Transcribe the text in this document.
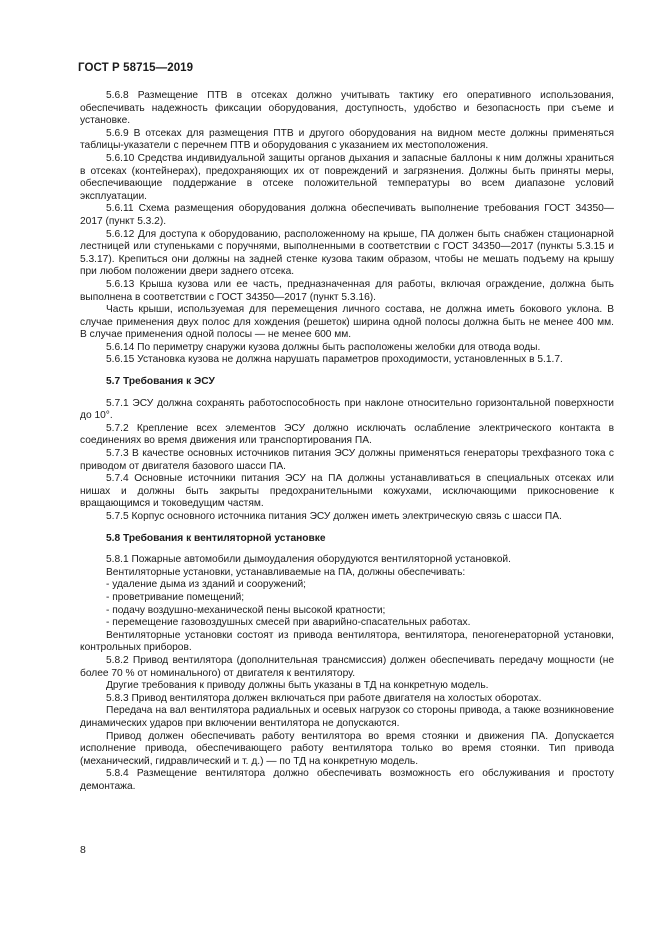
ГОСТ Р 58715—2019

5.6.8 Размещение ПТВ в отсеках должно учитывать тактику его оперативного использования, обеспечивать надежность фиксации оборудования, доступность, удобство и безопасность при съеме и установке.

5.6.9 В отсеках для размещения ПТВ и другого оборудования на видном месте должны применяться таблицы-указатели с перечнем ПТВ и оборудования с указанием их местоположения.

5.6.10 Средства индивидуальной защиты органов дыхания и запасные баллоны к ним должны храниться в отсеках (контейнерах), предохраняющих их от повреждений и загрязнения. Должны быть приняты меры, обеспечивающие поддержание в отсеке положительной температуры во всем диапазоне условий эксплуатации.

5.6.11 Схема размещения оборудования должна обеспечивать выполнение требования ГОСТ 34350—2017 (пункт 5.3.2).

5.6.12 Для доступа к оборудованию, расположенному на крыше, ПА должен быть снабжен стационарной лестницей или ступеньками с поручнями, выполненными в соответствии с ГОСТ 34350—2017 (пункты 5.3.15 и 5.3.17). Крепиться они должны на задней стенке кузова таким образом, чтобы не мешать подъему на крышу при любом положении двери заднего отсека.

5.6.13 Крыша кузова или ее часть, предназначенная для работы, включая ограждение, должна быть выполнена в соответствии с ГОСТ 34350—2017 (пункт 5.3.16).

Часть крыши, используемая для перемещения личного состава, не должна иметь бокового уклона. В случае применения двух полос для хождения (решеток) ширина одной полосы должна быть не менее 400 мм. В случае применения одной полосы — не менее 600 мм.

5.6.14 По периметру снаружи кузова должны быть расположены желобки для отвода воды.

5.6.15 Установка кузова не должна нарушать параметров проходимости, установленных в 5.1.7.

5.7 Требования к ЭСУ

5.7.1 ЭСУ должна сохранять работоспособность при наклоне относительно горизонтальной поверхности до 10°.

5.7.2 Крепление всех элементов ЭСУ должно исключать ослабление электрического контакта в соединениях во время движения или транспортирования ПА.

5.7.3 В качестве основных источников питания ЭСУ должны применяться генераторы трехфазного тока с приводом от двигателя базового шасси ПА.

5.7.4 Основные источники питания ЭСУ на ПА должны устанавливаться в специальных отсеках или нишах и должны быть закрыты предохранительными кожухами, исключающими прикосновение к вращающимся и токоведущим частям.

5.7.5 Корпус основного источника питания ЭСУ должен иметь электрическую связь с шасси ПА.

5.8 Требования к вентиляторной установке

5.8.1 Пожарные автомобили дымоудаления оборудуются вентиляторной установкой.

Вентиляторные установки, устанавливаемые на ПА, должны обеспечивать:

- удаление дыма из зданий и сооружений;

- проветривание помещений;

- подачу воздушно-механической пены высокой кратности;

- перемещение газовоздушных смесей при аварийно-спасательных работах.

Вентиляторные установки состоят из привода вентилятора, вентилятора, пеногенераторной установки, контрольных приборов.

5.8.2 Привод вентилятора (дополнительная трансмиссия) должен обеспечивать передачу мощности (не более 70 % от номинального) от двигателя к вентилятору.

Другие требования к приводу должны быть указаны в ТД на конкретную модель.

5.8.3 Привод вентилятора должен включаться при работе двигателя на холостых оборотах.

Передача на вал вентилятора радиальных и осевых нагрузок со стороны привода, а также возникновение динамических ударов при включении вентилятора не допускаются.

Привод должен обеспечивать работу вентилятора во время стоянки и движения ПА. Допускается исполнение привода, обеспечивающего работу вентилятора только во время стоянки. Тип привода (механический, гидравлический и т. д.) — по ТД на конкретную модель.

5.8.4 Размещение вентилятора должно обеспечивать возможность его обслуживания и простоту демонтажа.

8
